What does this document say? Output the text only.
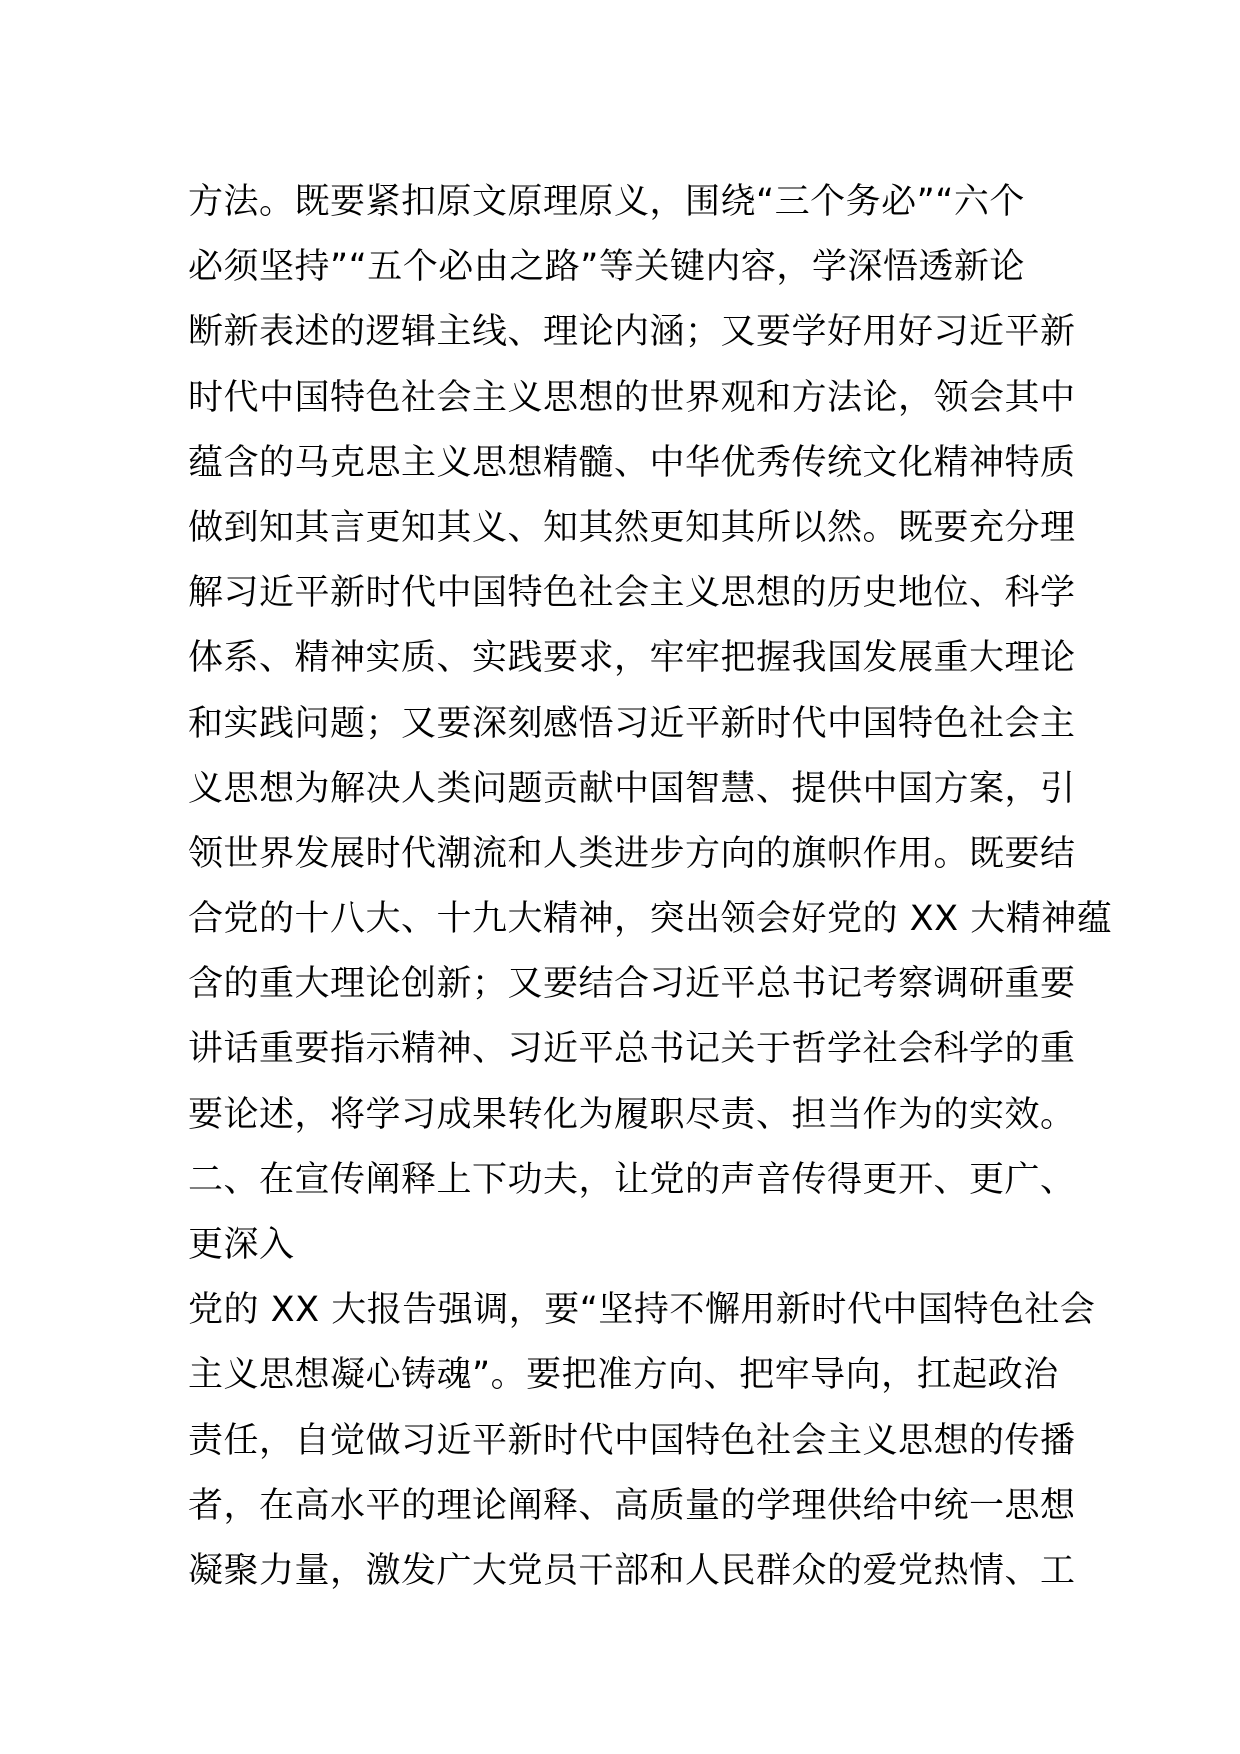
方法。既要紧扣原文原理原义，围绕“三个务必”“六个
必须坚持”“五个必由之路”等关键内容，学深悟透新论
断新表述的逻辑主线、理论内涵；又要学好用好习近平新
时代中国特色社会主义思想的世界观和方法论，领会其中
蕴含的马克思主义思想精髓、中华优秀传统文化精神特质
做到知其言更知其义、知其然更知其所以然。既要充分理
解习近平新时代中国特色社会主义思想的历史地位、科学
体系、精神实质、实践要求，牢牢把握我国发展重大理论
和实践问题；又要深刻感悟习近平新时代中国特色社会主
义思想为解决人类问题贡献中国智慧、提供中国方案，引
领世界发展时代潮流和人类进步方向的旗帜作用。既要结
合党的十八大、十九大精神，突出领会好党的 XX 大精神蕴
含的重大理论创新；又要结合习近平总书记考察调研重要
讲话重要指示精神、习近平总书记关于哲学社会科学的重
要论述，将学习成果转化为履职尽责、担当作为的实效。
二、在宣传阐释上下功夫，让党的声音传得更开、更广、
更深入
党的 XX 大报告强调，要“坚持不懈用新时代中国特色社会
主义思想凝心铸魂”。要把准方向、把牢导向，扛起政治
责任，自觉做习近平新时代中国特色社会主义思想的传播
者，在高水平的理论阐释、高质量的学理供给中统一思想
凝聚力量，激发广大党员干部和人民群众的爱党热情、工
